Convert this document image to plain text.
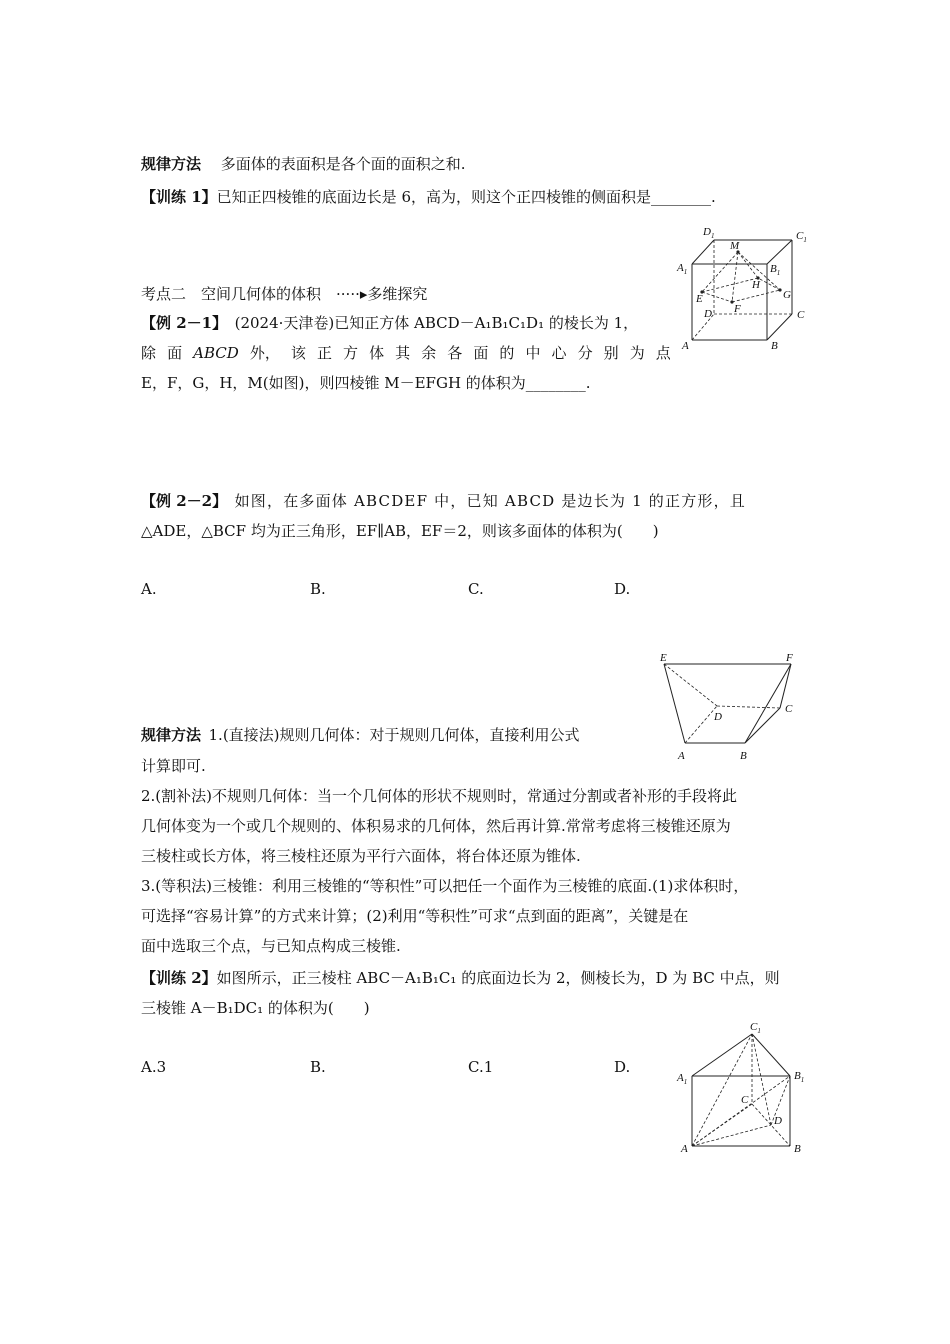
规律方法  多面体的表面积是各个面的面积之和.
【训练 1】已知正四棱锥的底面边长是 6，高为，则这个正四棱锥的侧面积是________.
考点二　空间几何体的体积  ·····▸多维探究
【例 2－1】  (2024·天津卷)已知正方体 ABCD－A₁B₁C₁D₁ 的棱长为 1，
除 面 ABCD 外， 该 正 方 体 其 余 各 面 的 中 心 分 别 为 点
E，F，G，H，M(如图)，则四棱锥 M－EFGH 的体积为________.
【例 2－2】  如图，在多面体 ABCDEF 中，已知 ABCD 是边长为 1 的正方形，且
△ADE，△BCF 均为正三角形，EF∥AB，EF＝2，则该多面体的体积为(　　)
A.	B.	C.	D.
规律方法  1.(直接法)规则几何体：对于规则几何体，直接利用公式
计算即可.
2.(割补法)不规则几何体：当一个几何体的形状不规则时，常通过分割或者补形的手段将此
几何体变为一个或几个规则的、体积易求的几何体，然后再计算.常常考虑将三棱锥还原为
三棱柱或长方体，将三棱柱还原为平行六面体，将台体还原为锥体.
3.(等积法)三棱锥：利用三棱锥的“等积性”可以把任一个面作为三棱锥的底面.(1)求体积时，
可选择“容易计算”的方式来计算；(2)利用“等积性”可求“点到面的距离”，关键是在
面中选取三个点，与已知点构成三棱锥.
【训练 2】如图所示，正三棱柱 ABC－A₁B₁C₁ 的底面边长为 2，侧棱长为，D 为 BC 中点，则
三棱锥 A－B₁DC₁ 的体积为(　　)
A.3	B.	C.1	D.
$D_1$	$C_1$
$A_1$	$B_1$
M
H
E	G
F
D	C
A	B
E	F
D
C
A	B
$C_1$
$A_1$	$B_1$
C
D
A	B
